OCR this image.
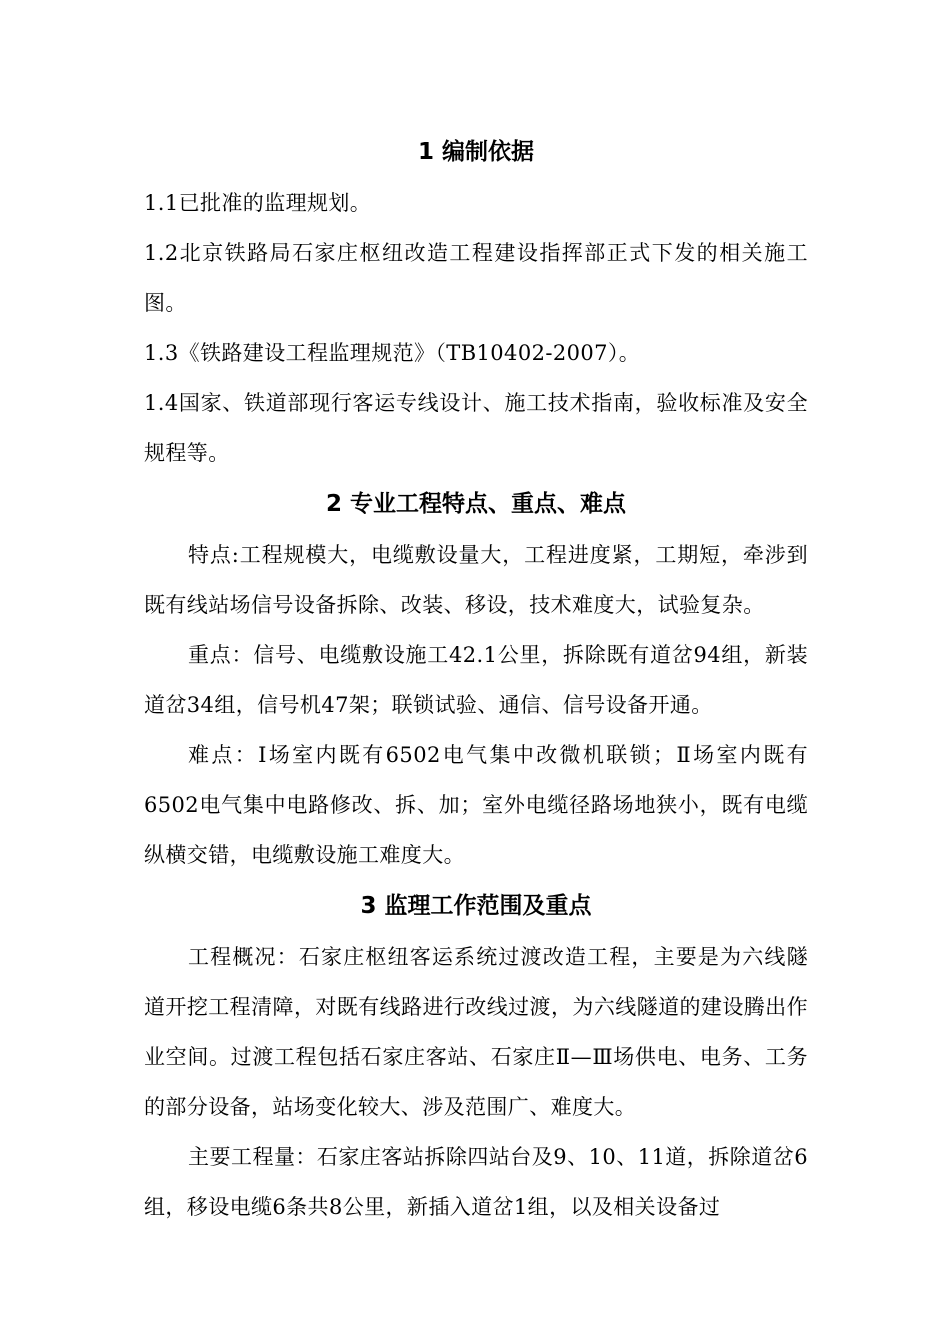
1 编制依据

1.1已批准的监理规划。

1.2北京铁路局石家庄枢纽改造工程建设指挥部正式下发的相关施工图。

1.3《铁路建设工程监理规范》（TB10402-2007）。

1.4国家、铁道部现行客运专线设计、施工技术指南，验收标准及安全规程等。

2 专业工程特点、重点、难点

特点:工程规模大，电缆敷设量大，工程进度紧，工期短，牵涉到既有线站场信号设备拆除、改装、移设，技术难度大，试验复杂。

重点：信号、电缆敷设施工42.1公里，拆除既有道岔94组，新装道岔34组，信号机47架；联锁试验、通信、信号设备开通。

难点：Ⅰ场室内既有6502电气集中改微机联锁；Ⅱ场室内既有6502电气集中电路修改、拆、加；室外电缆径路场地狭小，既有电缆纵横交错，电缆敷设施工难度大。

3 监理工作范围及重点

工程概况：石家庄枢纽客运系统过渡改造工程，主要是为六线隧道开挖工程清障，对既有线路进行改线过渡，为六线隧道的建设腾出作业空间。过渡工程包括石家庄客站、石家庄Ⅱ—Ⅲ场供电、电务、工务的部分设备，站场变化较大、涉及范围广、难度大。

主要工程量：石家庄客站拆除四站台及9、10、11道，拆除道岔6组，移设电缆6条共8公里，新插入道岔1组，以及相关设备过
